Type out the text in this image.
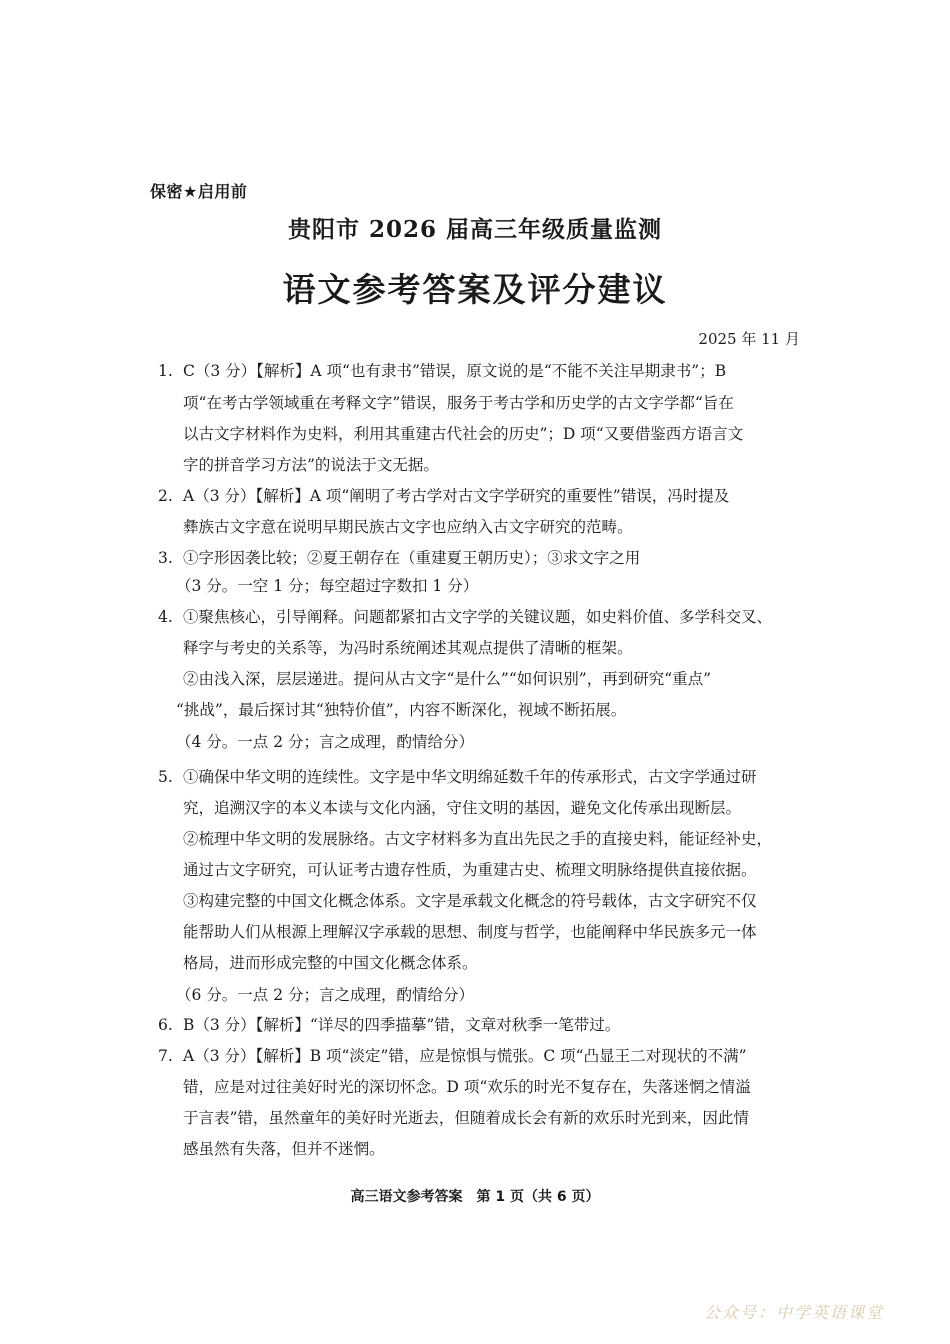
保密★启用前
贵阳市 2026 届高三年级质量监测
语文参考答案及评分建议
2025 年 11 月
1. C（3 分）【解析】A 项“也有隶书”错误，原文说的是“不能不关注早期隶书”；B
项“在考古学领域重在考释文字”错误，服务于考古学和历史学的古文字学都“旨在
以古文字材料作为史料，利用其重建古代社会的历史”；D 项“又要借鉴西方语言文
字的拼音学习方法”的说法于文无据。
2. A（3 分）【解析】A 项“阐明了考古学对古文字学研究的重要性”错误，冯时提及
彝族古文字意在说明早期民族古文字也应纳入古文字研究的范畴。
3. ①字形因袭比较；②夏王朝存在（重建夏王朝历史）；③求文字之用
（3 分。一空 1 分；每空超过字数扣 1 分）
4. ①聚焦核心，引导阐释。问题都紧扣古文字学的关键议题，如史料价值、多学科交叉、
释字与考史的关系等，为冯时系统阐述其观点提供了清晰的框架。
②由浅入深，层层递进。提问从古文字“是什么”“如何识别”，再到研究“重点”
“挑战”，最后探讨其“独特价值”，内容不断深化，视域不断拓展。
（4 分。一点 2 分；言之成理，酌情给分）
5. ①确保中华文明的连续性。文字是中华文明绵延数千年的传承形式，古文字学通过研
究，追溯汉字的本义本读与文化内涵，守住文明的基因，避免文化传承出现断层。
②梳理中华文明的发展脉络。古文字材料多为直出先民之手的直接史料，能证经补史，
通过古文字研究，可认证考古遗存性质，为重建古史、梳理文明脉络提供直接依据。
③构建完整的中国文化概念体系。文字是承载文化概念的符号载体，古文字研究不仅
能帮助人们从根源上理解汉字承载的思想、制度与哲学，也能阐释中华民族多元一体
格局，进而形成完整的中国文化概念体系。
（6 分。一点 2 分；言之成理，酌情给分）
6. B（3 分）【解析】“详尽的四季描摹”错，文章对秋季一笔带过。
7. A（3 分）【解析】B 项“淡定”错，应是惊惧与慌张。C 项“凸显王二对现状的不满”
错，应是对过往美好时光的深切怀念。D 项“欢乐的时光不复存在，失落迷惘之情溢
于言表”错，虽然童年的美好时光逝去，但随着成长会有新的欢乐时光到来，因此情
感虽然有失落，但并不迷惘。
高三语文参考答案　第 1 页（共 6 页）
公众号：中学英语课堂
